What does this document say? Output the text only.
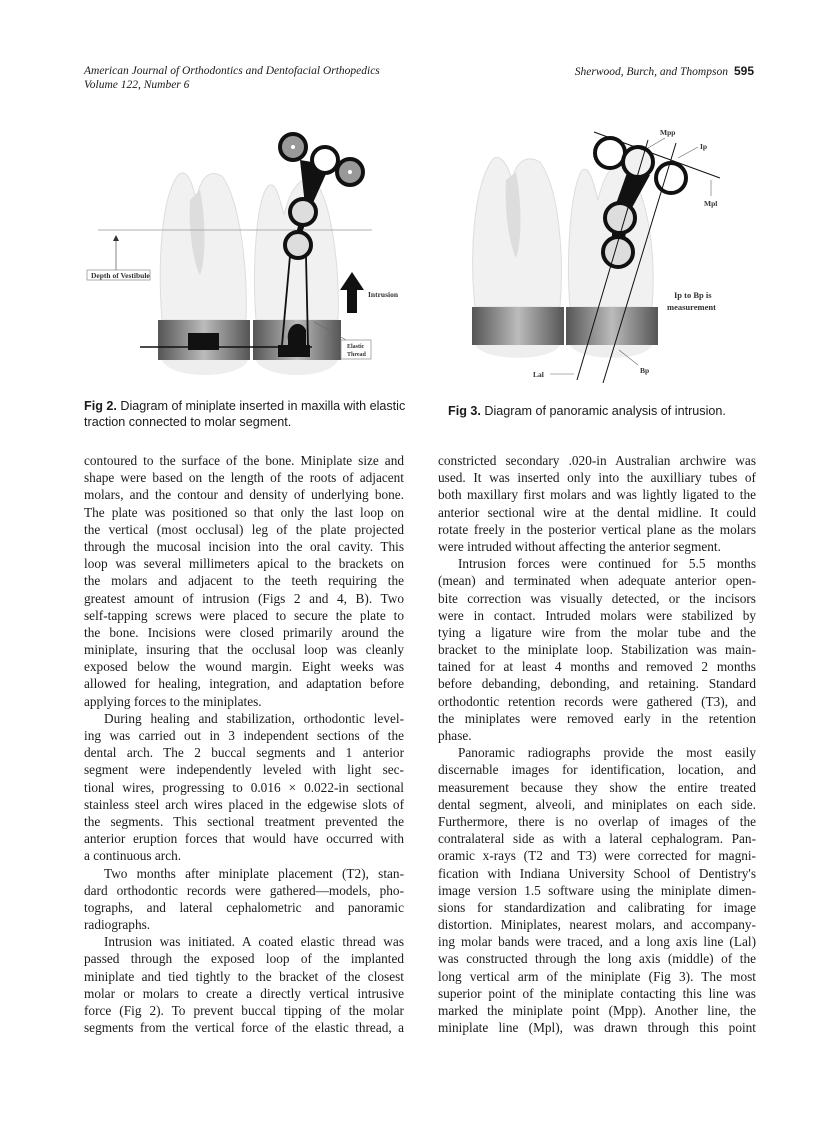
American Journal of Orthodontics and Dentofacial Orthopedics
Volume 122, Number 6
Sherwood, Burch, and Thompson 595
Depth of Vestibule
Intrusion
Elastic
Thread
Mpp
Ip
Mpl
Ip to Bp is
measurement
Lal	Bp
Fig 2. Diagram of miniplate inserted in maxilla with elastic traction connected to molar segment.
Fig 3. Diagram of panoramic analysis of intrusion.
contoured to the surface of the bone. Miniplate size and
shape were based on the length of the roots of adjacent
molars, and the contour and density of underlying bone.
The plate was positioned so that only the last loop on
the vertical (most occlusal) leg of the plate projected
through the mucosal incision into the oral cavity. This
loop was several millimeters apical to the brackets on
the molars and adjacent to the teeth requiring the
greatest amount of intrusion (Figs 2 and 4, B). Two
self-tapping screws were placed to secure the plate to
the bone. Incisions were closed primarily around the
miniplate, insuring that the occlusal loop was cleanly
exposed below the wound margin. Eight weeks was
allowed for healing, integration, and adaptation before
applying forces to the miniplates.
During healing and stabilization, orthodontic level-
ing was carried out in 3 independent sections of the
dental arch. The 2 buccal segments and 1 anterior
segment were independently leveled with light sec-
tional wires, progressing to 0.016 × 0.022-in sectional
stainless steel arch wires placed in the edgewise slots of
the segments. This sectional treatment prevented the
anterior eruption forces that would have occurred with
a continuous arch.
Two months after miniplate placement (T2), stan-
dard orthodontic records were gathered—models, pho-
tographs, and lateral cephalometric and panoramic
radiographs.
Intrusion was initiated. A coated elastic thread was
passed through the exposed loop of the implanted
miniplate and tied tightly to the bracket of the closest
molar or molars to create a directly vertical intrusive
force (Fig 2). To prevent buccal tipping of the molar
segments from the vertical force of the elastic thread, a
constricted secondary .020-in Australian archwire was
used. It was inserted only into the auxilliary tubes of
both maxillary first molars and was lightly ligated to the
anterior sectional wire at the dental midline. It could
rotate freely in the posterior vertical plane as the molars
were intruded without affecting the anterior segment.
Intrusion forces were continued for 5.5 months
(mean) and terminated when adequate anterior open-
bite correction was visually detected, or the incisors
were in contact. Intruded molars were stabilized by
tying a ligature wire from the molar tube and the
bracket to the miniplate loop. Stabilization was main-
tained for at least 4 months and removed 2 months
before debanding, debonding, and retaining. Standard
orthodontic retention records were gathered (T3), and
the miniplates were removed early in the retention
phase.
Panoramic radiographs provide the most easily
discernable images for identification, location, and
measurement because they show the entire treated
dental segment, alveoli, and miniplates on each side.
Furthermore, there is no overlap of images of the
contralateral side as with a lateral cephalogram. Pan-
oramic x-rays (T2 and T3) were corrected for magni-
fication with Indiana University School of Dentistry's
image version 1.5 software using the miniplate dimen-
sions for standardization and calibrating for image
distortion. Miniplates, nearest molars, and accompany-
ing molar bands were traced, and a long axis line (Lal)
was constructed through the long axis (middle) of the
long vertical arm of the miniplate (Fig 3). The most
superior point of the miniplate contacting this line was
marked the miniplate point (Mpp). Another line, the
miniplate line (Mpl), was drawn through this point
